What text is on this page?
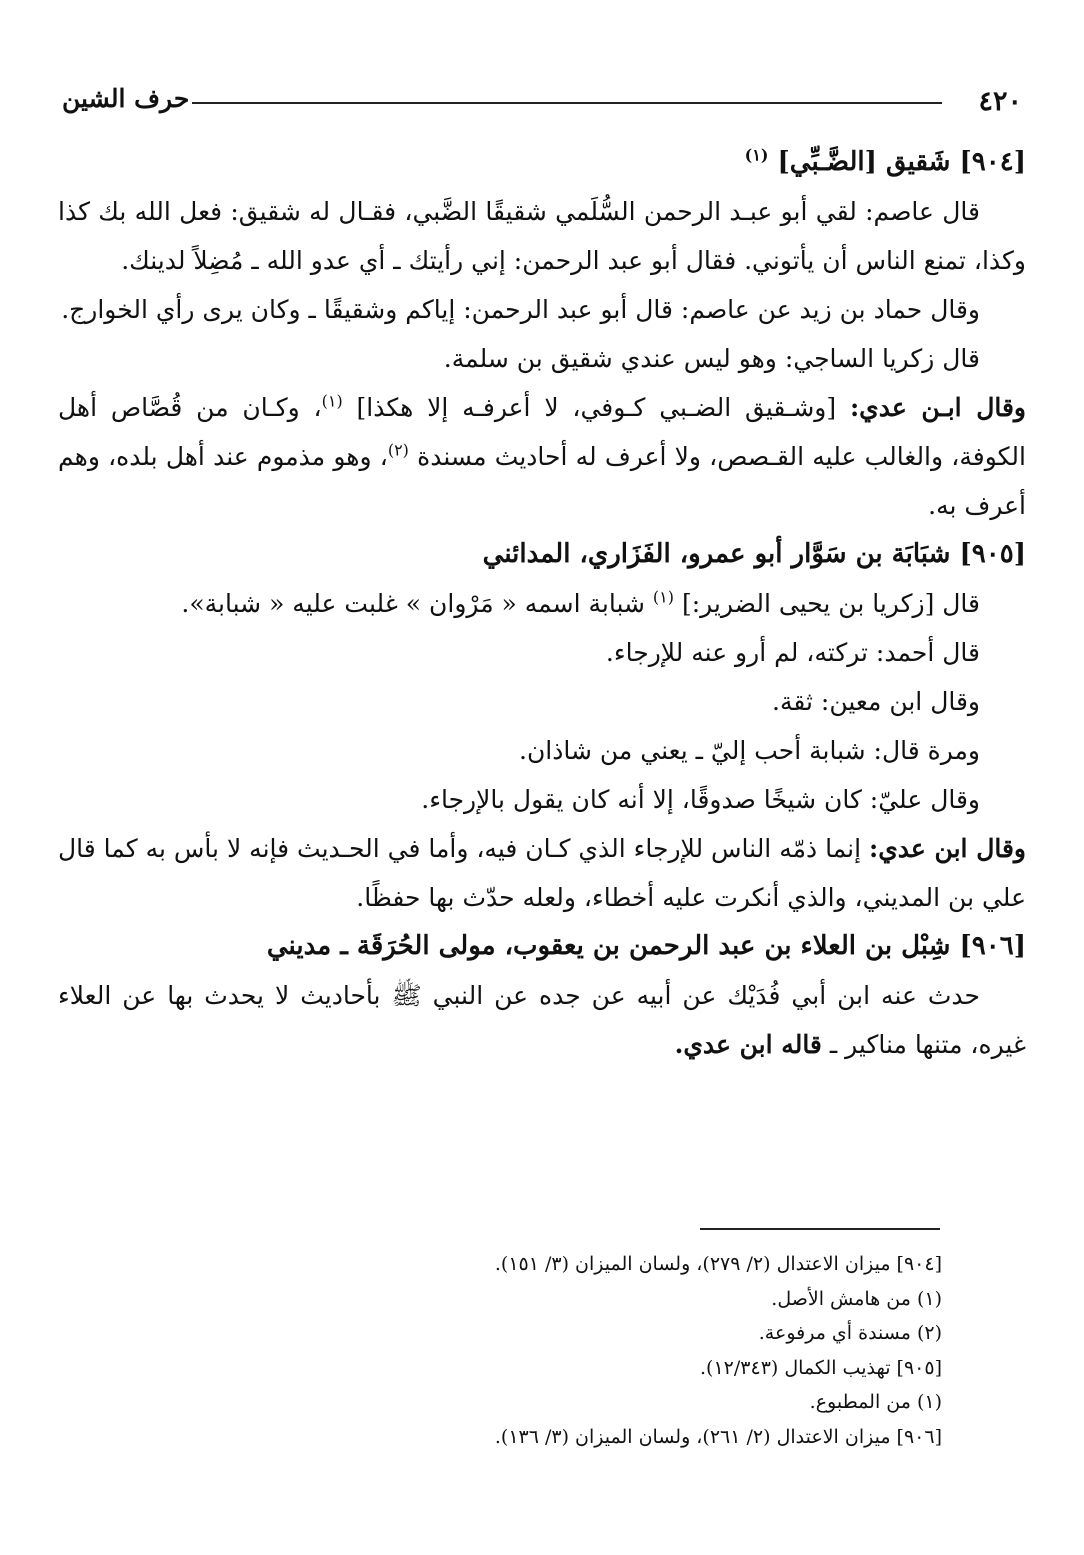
٤٢٠
حرف الشين

[٩٠٤] شَقيق [الضَّـبِّي] $^{(١)}$

قال عاصم: لقي أبو عبـد الرحمن السُّلَمي شقيقًا الضَّبي، فقـال له شقيق: فعل الله بك كذا وكذا، تمنع الناس أن يأتوني. فقال أبو عبد الرحمن: إني رأيتك ـ أي عدو الله ـ مُضِلاً لدينك.

وقال حماد بن زيد عن عاصم: قال أبو عبد الرحمن: إياكم وشقيقًا ـ وكان يرى رأي الخوارج.

قال زكريا الساجي: وهو ليس عندي شقيق بن سلمة.

وقال ابـن عدي: [وشـقيق الضـبي كـوفي، لا أعرفـه إلا هكذا] $^{(١)}$، وكـان من قُصَّاص أهل الكوفة، والغالب عليه القـصص، ولا أعرف له أحاديث مسندة $^{(٢)}$، وهو مذموم عند أهل بلده، وهم أعرف به.

[٩٠٥] شبَابَة بن سَوَّار أبو عمرو، الفَزَاري، المدائني

قال [زكريا بن يحيى الضرير:] $^{(١)}$ شبابة اسمه « مَرْوان » غلبت عليه « شبابة».

قال أحمد: تركته، لم أرو عنه للإرجاء.

وقال ابن معين: ثقة.

ومرة قال: شبابة أحب إليّ ـ يعني من شاذان.

وقال عليّ: كان شيخًا صدوقًا، إلا أنه كان يقول بالإرجاء.

وقال ابن عدي: إنما ذمّه الناس للإرجاء الذي كـان فيه، وأما في الحـديث فإنه لا بأس به كما قال علي بن المديني، والذي أنكرت عليه أخطاء، ولعله حدّث بها حفظًا.

[٩٠٦] شِبْل بن العلاء بن عبد الرحمن بن يعقوب، مولى الحُرَقَة ـ مديني

حدث عنه ابن أبي فُدَيْك عن أبيه عن جده عن النبي ﷺ بأحاديث لا يحدث بها عن العلاء غيره، متنها مناكير ـ قاله ابن عدي.

[٩٠٤] ميزان الاعتدال (٢/ ٢٧٩)، ولسان الميزان (٣/ ١٥١).

(١) من هامش الأصل.

(٢) مسندة أي مرفوعة.

[٩٠٥] تهذيب الكمال (١٢/٣٤٣).

(١) من المطبوع.

[٩٠٦] ميزان الاعتدال (٢/ ٢٦١)، ولسان الميزان (٣/ ١٣٦).
